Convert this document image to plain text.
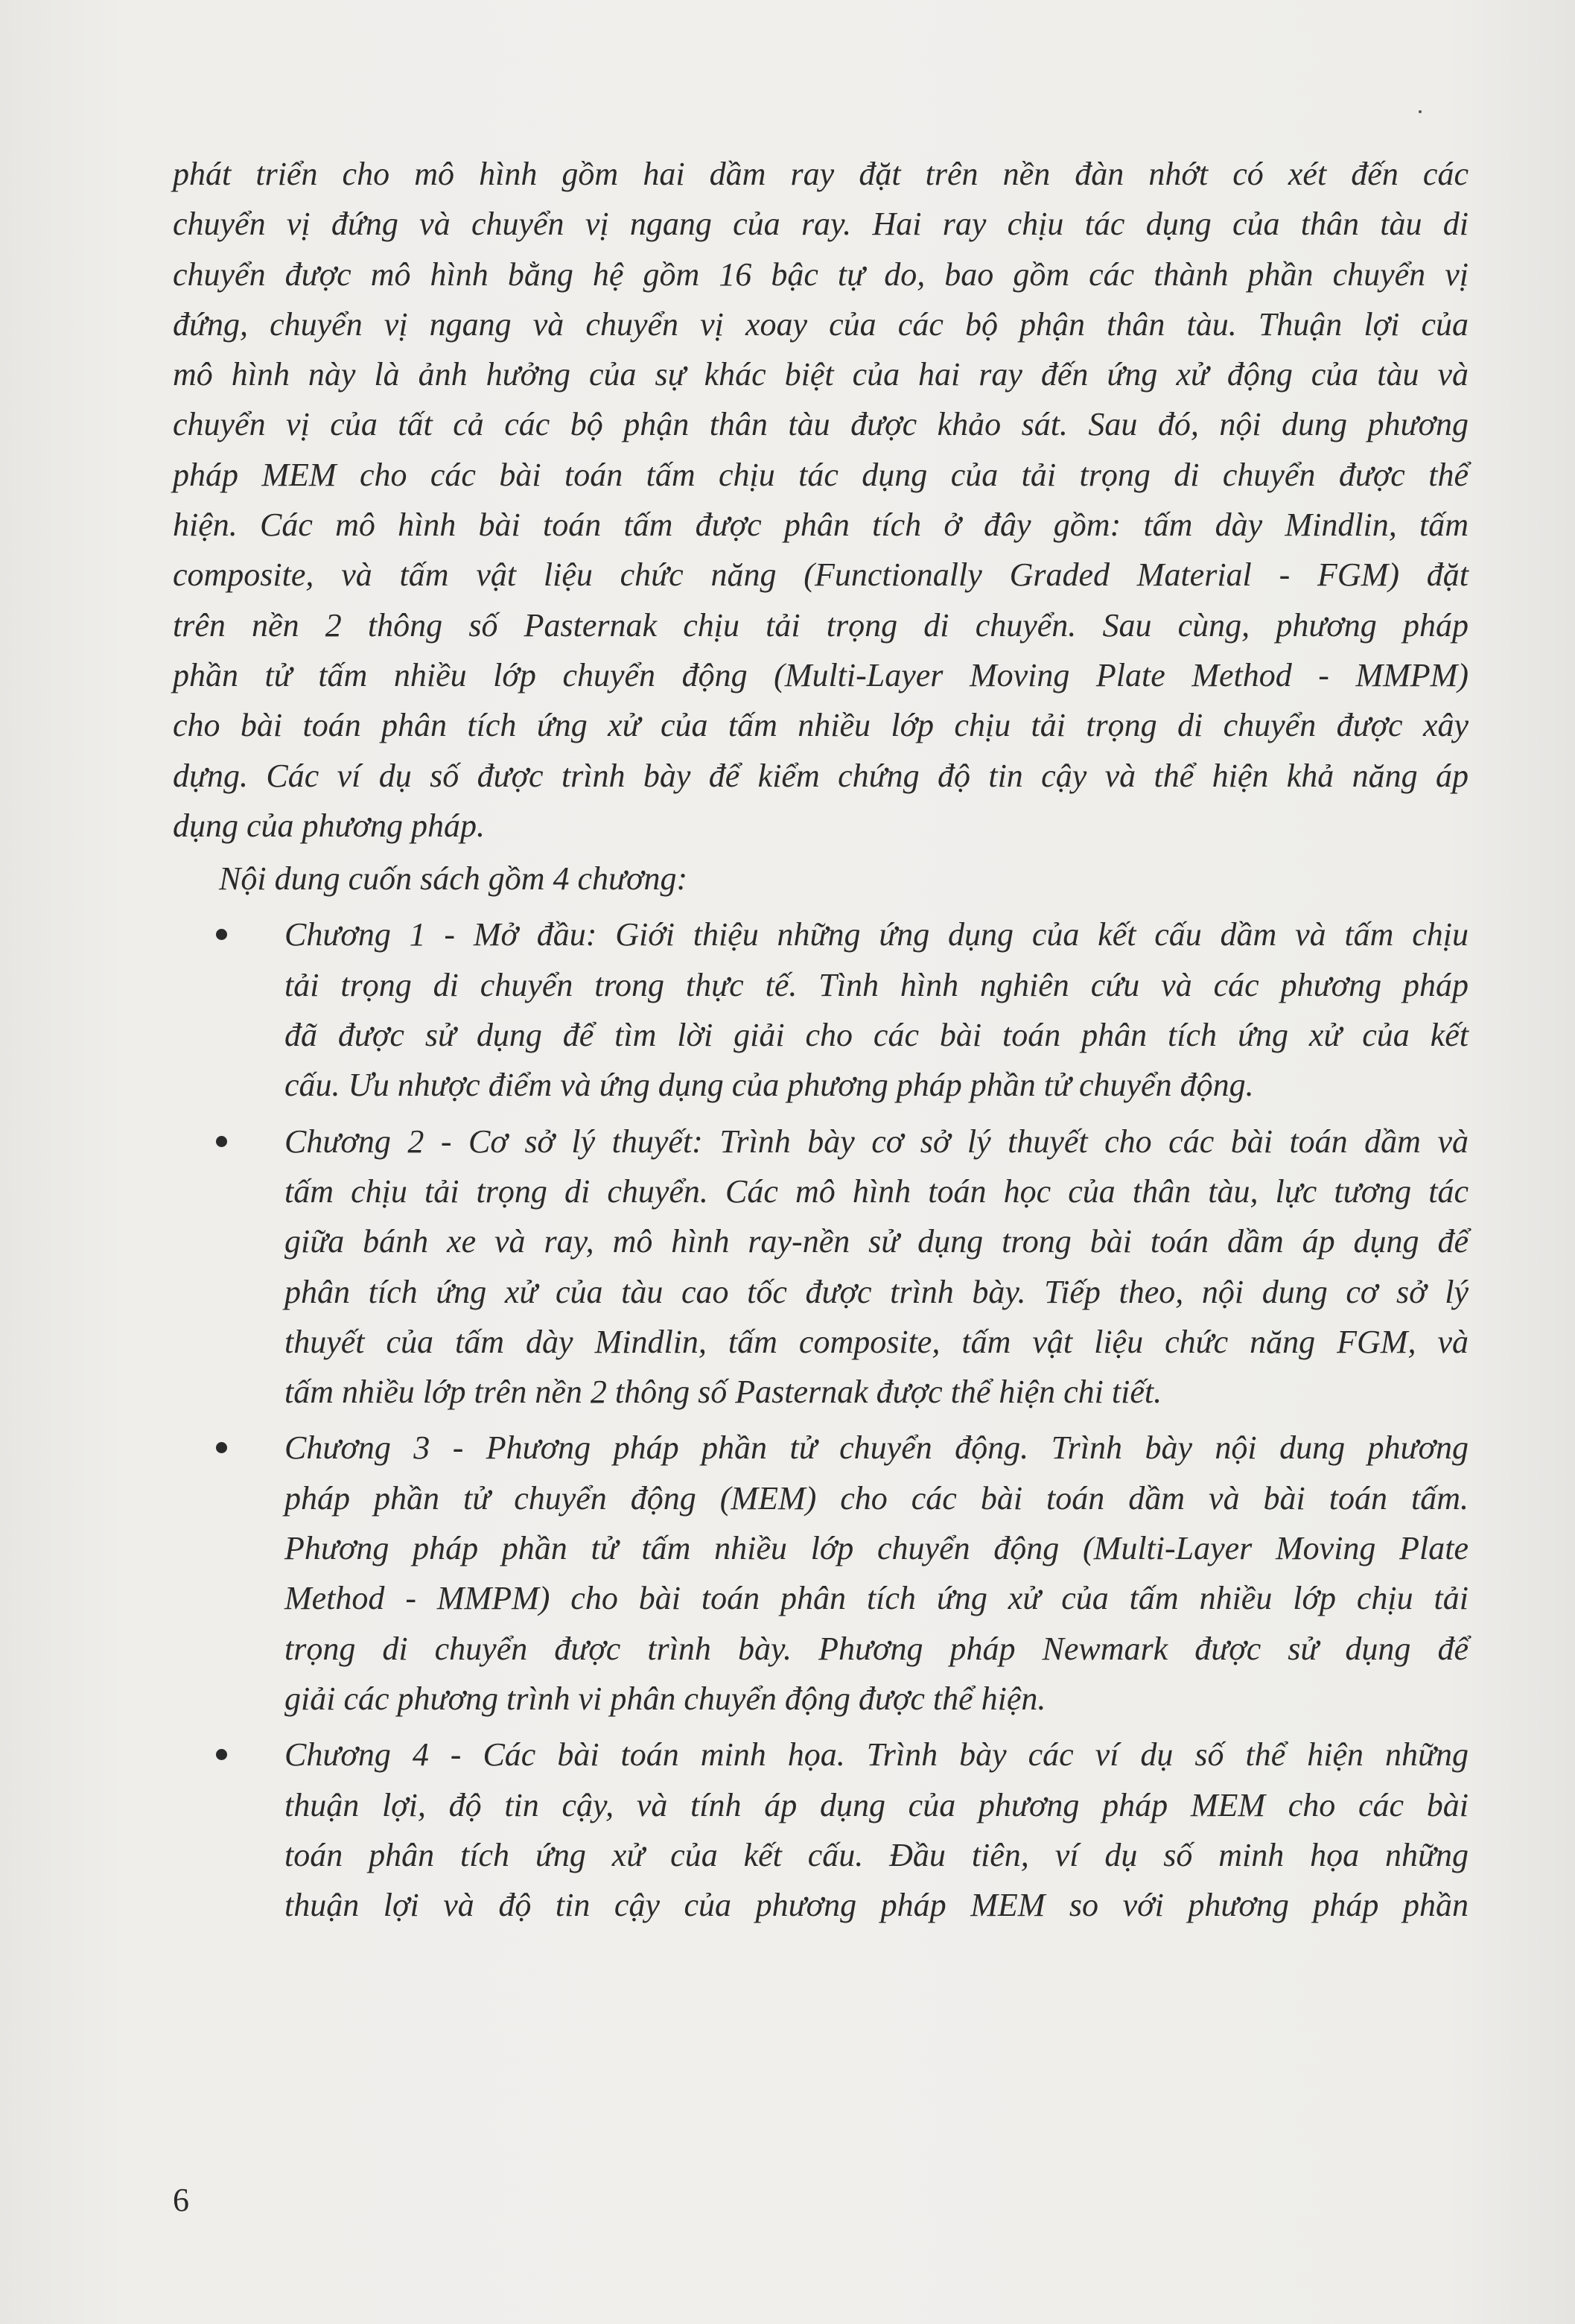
phát triển cho mô hình gồm hai dầm ray đặt trên nền đàn nhớt có xét đến các
chuyển vị đứng và chuyển vị ngang của ray. Hai ray chịu tác dụng của thân tàu di
chuyển được mô hình bằng hệ gồm 16 bậc tự do, bao gồm các thành phần chuyển vị
đứng, chuyển vị ngang và chuyển vị xoay của các bộ phận thân tàu. Thuận lợi của
mô hình này là ảnh hưởng của sự khác biệt của hai ray đến ứng xử động của tàu và
chuyển vị của tất cả các bộ phận thân tàu được khảo sát. Sau đó, nội dung phương
pháp MEM cho các bài toán tấm chịu tác dụng của tải trọng di chuyển được thể
hiện. Các mô hình bài toán tấm được phân tích ở đây gồm: tấm dày Mindlin, tấm
composite, và tấm vật liệu chức năng (Functionally Graded Material - FGM) đặt
trên nền 2 thông số Pasternak chịu tải trọng di chuyển. Sau cùng, phương pháp
phần tử tấm nhiều lớp chuyển động (Multi-Layer Moving Plate Method - MMPM)
cho bài toán phân tích ứng xử của tấm nhiều lớp chịu tải trọng di chuyển được xây
dựng. Các ví dụ số được trình bày để kiểm chứng độ tin cậy và thể hiện khả năng áp
dụng của phương pháp.

Nội dung cuốn sách gồm 4 chương:

Chương 1 - Mở đầu: Giới thiệu những ứng dụng của kết cấu dầm và tấm chịu
tải trọng di chuyển trong thực tế. Tình hình nghiên cứu và các phương pháp
đã được sử dụng để tìm lời giải cho các bài toán phân tích ứng xử của kết
cấu. Ưu nhược điểm và ứng dụng của phương pháp phần tử chuyển động.
Chương 2 - Cơ sở lý thuyết: Trình bày cơ sở lý thuyết cho các bài toán dầm và
tấm chịu tải trọng di chuyển. Các mô hình toán học của thân tàu, lực tương tác
giữa bánh xe và ray, mô hình ray-nền sử dụng trong bài toán dầm áp dụng để
phân tích ứng xử của tàu cao tốc được trình bày. Tiếp theo, nội dung cơ sở lý
thuyết của tấm dày Mindlin, tấm composite, tấm vật liệu chức năng FGM, và
tấm nhiều lớp trên nền 2 thông số Pasternak được thể hiện chi tiết.
Chương 3 - Phương pháp phần tử chuyển động. Trình bày nội dung phương
pháp phần tử chuyển động (MEM) cho các bài toán dầm và bài toán tấm.
Phương pháp phần tử tấm nhiều lớp chuyển động (Multi-Layer Moving Plate
Method - MMPM) cho bài toán phân tích ứng xử của tấm nhiều lớp chịu tải
trọng di chuyển được trình bày. Phương pháp Newmark được sử dụng để
giải các phương trình vi phân chuyển động được thể hiện.
Chương 4 - Các bài toán minh họa. Trình bày các ví dụ số thể hiện những
thuận lợi, độ tin cậy, và tính áp dụng của phương pháp MEM cho các bài
toán phân tích ứng xử của kết cấu. Đầu tiên, ví dụ số minh họa những
thuận lợi và độ tin cậy của phương pháp MEM so với phương pháp phần
6
